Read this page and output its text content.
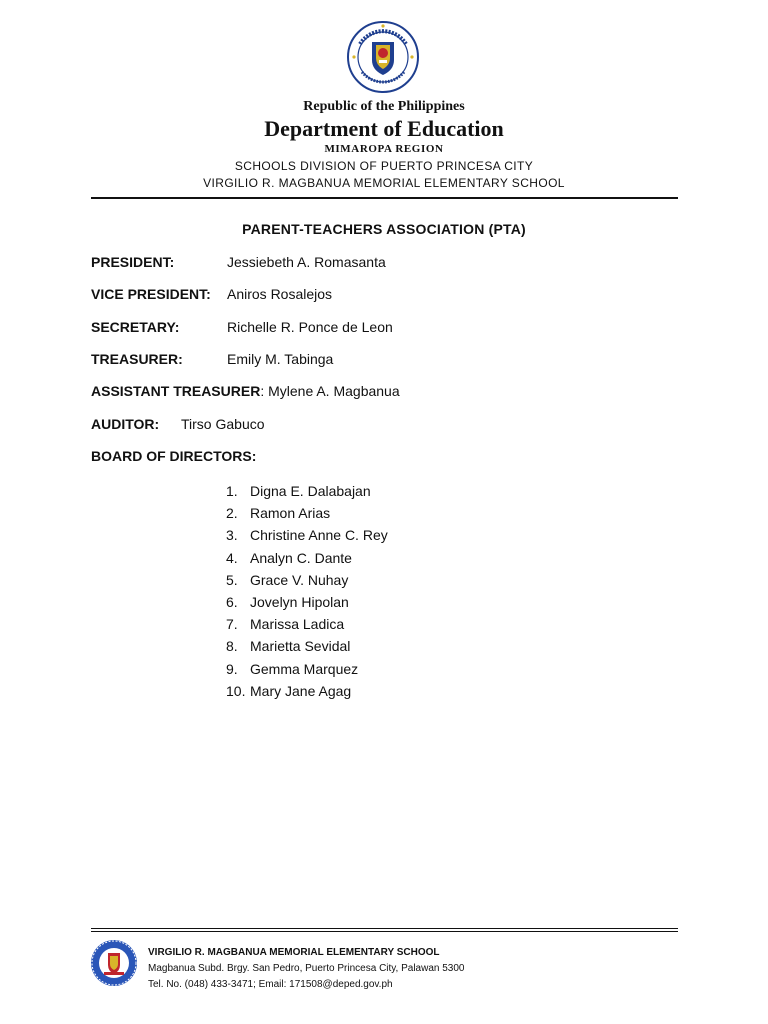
Republic of the Philippines
Department of Education
MIMAROPA REGION
SCHOOLS DIVISION OF PUERTO PRINCESA CITY
VIRGILIO R. MAGBANUA MEMORIAL ELEMENTARY SCHOOL
PARENT-TEACHERS ASSOCIATION (PTA)
PRESIDENT:	Jessiebeth A. Romasanta
VICE PRESIDENT: Aniros Rosalejos
SECRETARY:	Richelle R. Ponce de Leon
TREASURER:	Emily M. Tabinga
ASSISTANT TREASURER: Mylene A. Magbanua
AUDITOR: Tirso Gabuco
BOARD OF DIRECTORS:
1. Digna E. Dalabajan
2. Ramon Arias
3. Christine Anne C. Rey
4. Analyn C. Dante
5. Grace V. Nuhay
6. Jovelyn Hipolan
7. Marissa Ladica
8. Marietta Sevidal
9. Gemma Marquez
10. Mary Jane Agag
VIRGILIO R. MAGBANUA MEMORIAL ELEMENTARY SCHOOL
Magbanua Subd. Brgy. San Pedro, Puerto Princesa City, Palawan 5300
Tel. No. (048) 433-3471; Email: 171508@deped.gov.ph
